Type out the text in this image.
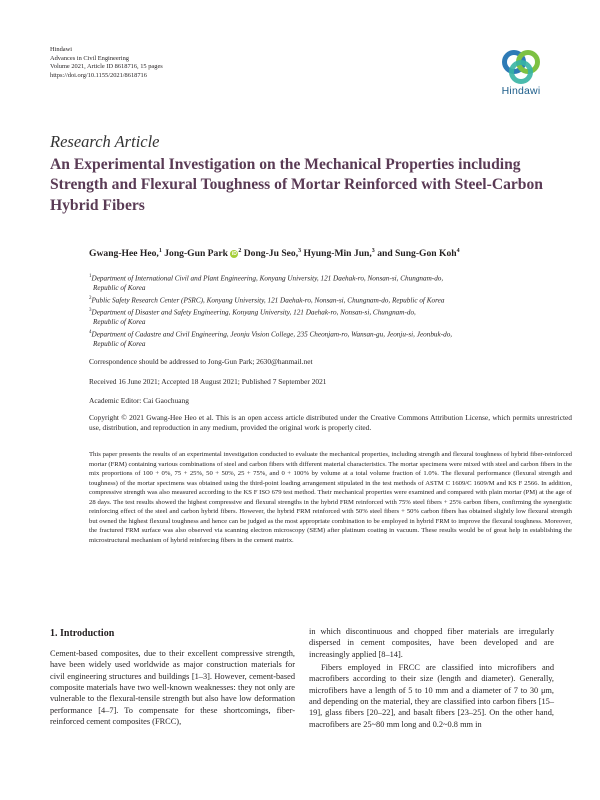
Hindawi
Advances in Civil Engineering
Volume 2021, Article ID 8618716, 15 pages
https://doi.org/10.1155/2021/8618716
Hindawi
Research Article
An Experimental Investigation on the Mechanical Properties including Strength and Flexural Toughness of Mortar Reinforced with Steel-Carbon Hybrid Fibers
Gwang-Hee Heo,$^1$ Jong-Gun Park $iD^2$ Dong-Ju Seo,$^3$ Hyung-Min Jun,$^3$ and Sung-Gon Koh$^4$
$^1$Department of International Civil and Plant Engineering, Konyang University, 121 Daehak-ro, Nonsan-si, Chungnam-do,
Republic of Korea
$^2$Public Safety Research Center (PSRC), Konyang University, 121 Daehak-ro, Nonsan-si, Chungnam-do, Republic of Korea
$^3$Department of Disaster and Safety Engineering, Konyang University, 121 Daehak-ro, Nonsan-si, Chungnam-do,
Republic of Korea
$^4$Department of Cadastre and Civil Engineering, Jeonju Vision College, 235 Cheonjam-ro, Wansan-gu, Jeonju-si, Jeonbuk-do,
Republic of Korea
Correspondence should be addressed to Jong-Gun Park; 2630@hanmail.net
Received 16 June 2021; Accepted 18 August 2021; Published 7 September 2021
Academic Editor: Cai Gaochuang
Copyright © 2021 Gwang-Hee Heo et al. This is an open access article distributed under the Creative Commons Attribution License, which permits unrestricted use, distribution, and reproduction in any medium, provided the original work is properly cited.
This paper presents the results of an experimental investigation conducted to evaluate the mechanical properties, including strength and flexural toughness of hybrid fiber-reinforced mortar (FRM) containing various combinations of steel and carbon fibers with different material characteristics. The mortar specimens were mixed with steel and carbon fibers in the mix proportions of 100 + 0%, 75 + 25%, 50 + 50%, 25 + 75%, and 0 + 100% by volume at a total volume fraction of 1.0%. The flexural performance (flexural strength and toughness) of the mortar specimens was obtained using the third-point loading arrangement stipulated in the test methods of ASTM C 1609/C 1609/M and KS F 2566. In addition, compressive strength was also measured according to the KS F ISO 679 test method. Their mechanical properties were examined and compared with plain mortar (PM) at the age of 28 days. The test results showed the highest compressive and flexural strengths in the hybrid FRM reinforced with 75% steel fibers + 25% carbon fibers, confirming the synergistic reinforcing effect of the steel and carbon hybrid fibers. However, the hybrid FRM reinforced with 50% steel fibers + 50% carbon fibers has obtained slightly low flexural strength but owned the highest flexural toughness and hence can be judged as the most appropriate combination to be employed in hybrid FRM to improve the flexural toughness. Moreover, the fractured FRM surface was also observed via scanning electron microscopy (SEM) after platinum coating in vacuum. These results would be of great help in establishing the microstructural mechanism of hybrid reinforcing fibers in the cement matrix.
1. Introduction

Cement-based composites, due to their excellent compressive strength, have been widely used worldwide as major construction materials for civil engineering structures and buildings [1–3]. However, cement-based composite materials have two well-known weaknesses: they not only are vulnerable to the flexural-tensile strength but also have low deformation performance [4–7]. To compensate for these shortcomings, fiber-reinforced cement composites (FRCC),

in which discontinuous and chopped fiber materials are irregularly dispersed in cement composites, have been developed and are increasingly applied [8–14].

Fibers employed in FRCC are classified into microfibers and macrofibers according to their size (length and diameter). Generally, microfibers have a length of 5 to 10 mm and a diameter of 7 to 30 μm, and depending on the material, they are classified into carbon fibers [15–19], glass fibers [20–22], and basalt fibers [23–25]. On the other hand, macrofibers are 25~80 mm long and 0.2~0.8 mm in
